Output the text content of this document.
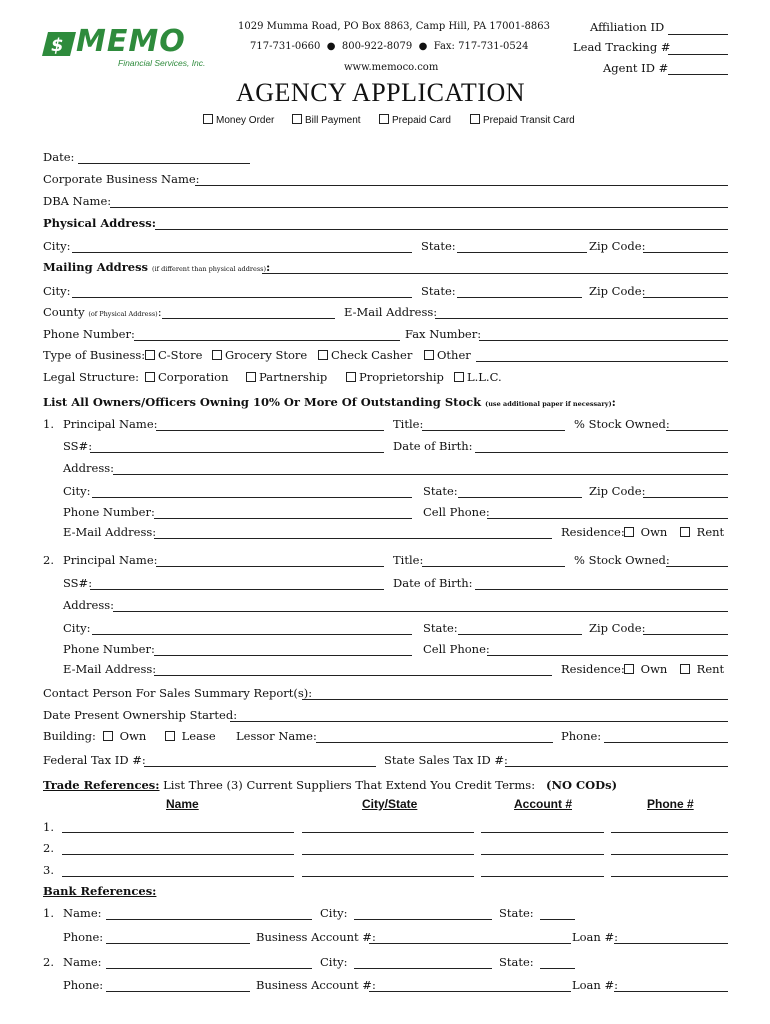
$ MEMO
Financial Services, Inc.
1029 Mumma Road, PO Box 8863, Camp Hill, PA 17001-8863
717-731-0660  ●  800-922-8079  ●  Fax: 717-731-0524
www.memoco.com
Affiliation ID
Lead Tracking #
Agent ID #
AGENCY APPLICATION
Money Order	Bill Payment	Prepaid Card	Prepaid Transit Card
Date:
Corporate Business Name:
DBA Name:
Physical Address:
City:	State:	Zip Code:
Mailing Address (if different than physical address):
City:	State:	Zip Code:
County (of Physical Address):	E-Mail Address:
Phone Number:	Fax Number:
Type of Business:	C-Store	Grocery Store	Check Casher	Other
Legal Structure:	Corporation	Partnership	Proprietorship	L.L.C.
List All Owners/Officers Owning 10% Or More Of Outstanding Stock (use additional paper if necessary):
1. Principal Name:	Title:	% Stock Owned:
SS#:	Date of Birth:
Address:
City:	State:	Zip Code:
Phone Number:	Cell Phone:
E-Mail Address:	Residence:	Own	Rent
2. Principal Name:	Title:	% Stock Owned:
SS#:	Date of Birth:
Address:
City:	State:	Zip Code:
Phone Number:	Cell Phone:
E-Mail Address:	Residence:	Own	Rent
Contact Person For Sales Summary Report(s):
Date Present Ownership Started:
Building:	Own	Lease Lessor Name:	Phone:
Federal Tax ID #:	State Sales Tax ID #:
Trade References: List Three (3) Current Suppliers That Extend You Credit Terms: (NO CODs)
Name	City/State	Account #	Phone #
1.
2.
3.
Bank References:
1. Name:	City:	State:
Phone:	Business Account #:	Loan #:
2. Name:	City:	State:
Phone:	Business Account #:	Loan #:
